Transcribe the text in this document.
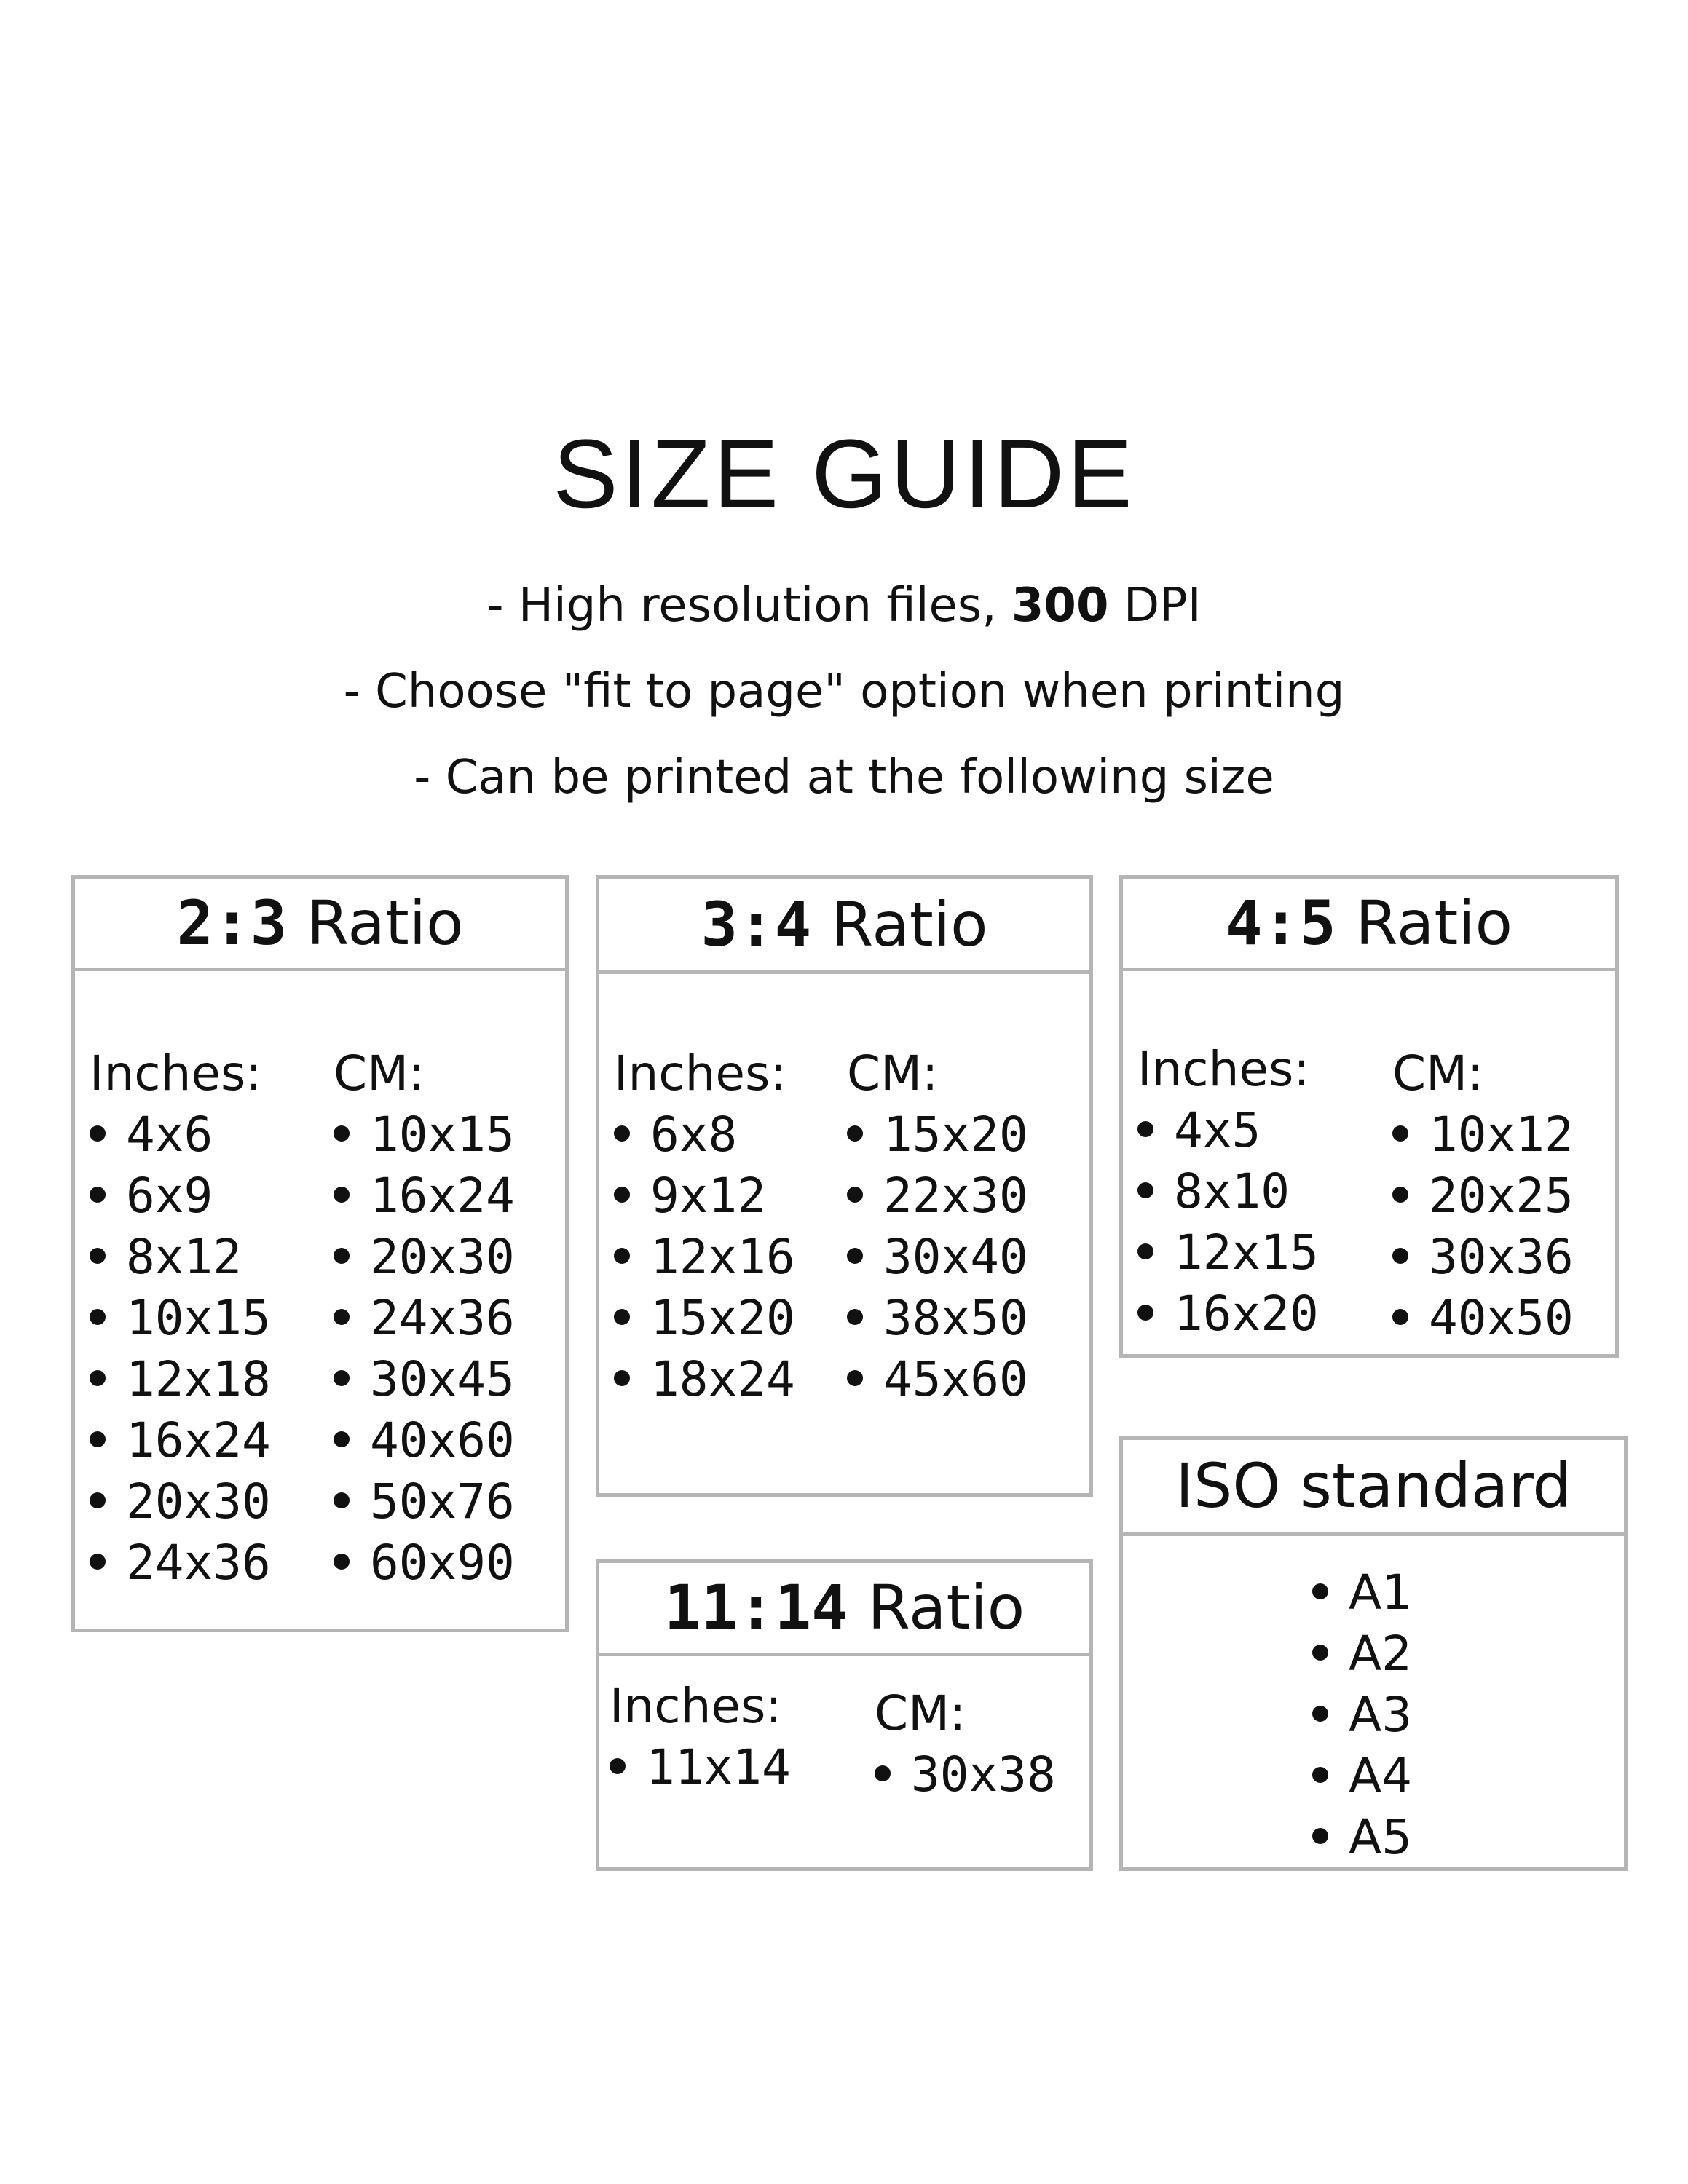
SIZE GUIDE
- High resolution files, 300 DPI
- Choose "fit to page" option when printing
- Can be printed at the following size
2:3 Ratio
Inches:
4x6
6x9
8x12
10x15
12x18
16x24
20x30
24x36
CM:
10x15
16x24
20x30
24x36
30x45
40x60
50x76
60x90
3:4 Ratio
Inches:
6x8
9x12
12x16
15x20
18x24
CM:
15x20
22x30
30x40
38x50
45x60
4:5 Ratio
Inches:
4x5
8x10
12x15
16x20
CM:
10x12
20x25
30x36
40x50
11:14 Ratio
Inches:
11x14
CM:
30x38
ISO standard
A1
A2
A3
A4
A5
